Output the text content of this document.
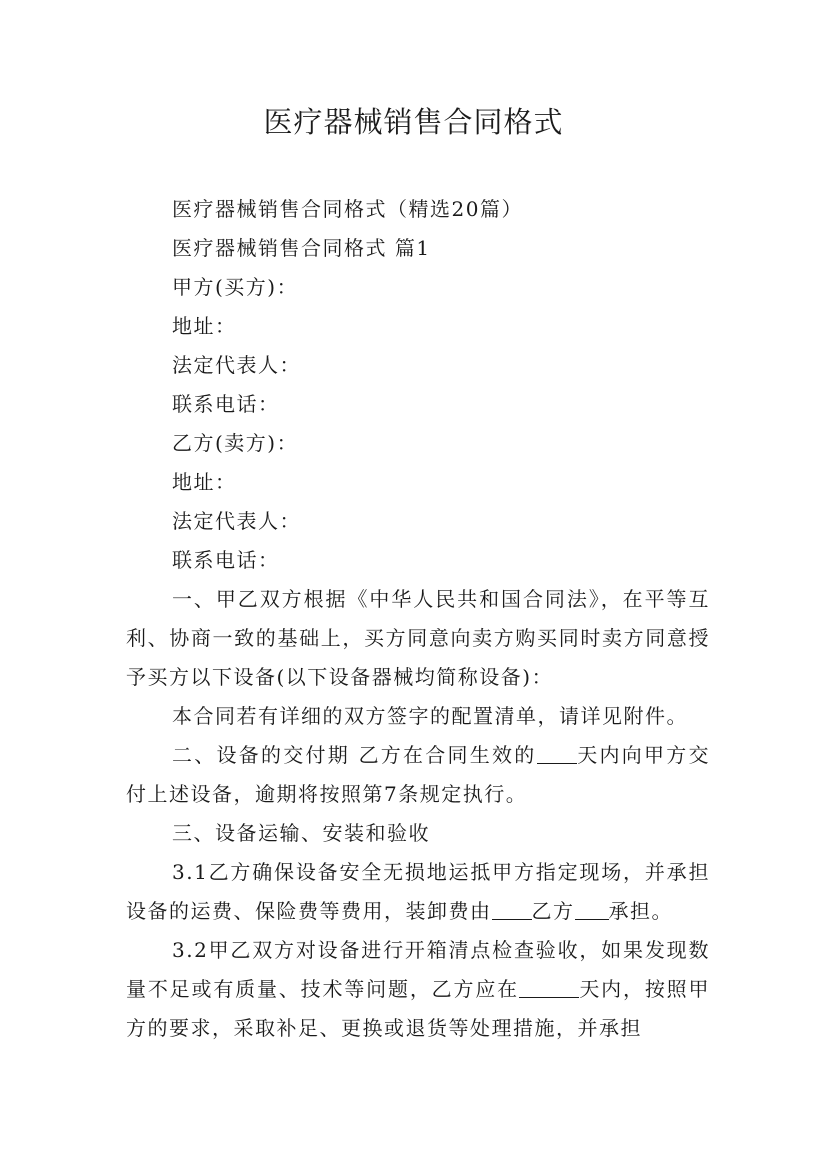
医疗器械销售合同格式

医疗器械销售合同格式（精选20篇）

医疗器械销售合同格式 篇1

甲方(买方)：

地址：

法定代表人：

联系电话：

乙方(卖方)：

地址：

法定代表人：

联系电话：

一、甲乙双方根据《中华人民共和国合同法》，在平等互利、协商一致的基础上，买方同意向卖方购买同时卖方同意授予买方以下设备(以下设备器械均简称设备)：

本合同若有详细的双方签字的配置清单，请详见附件。

二、设备的交付期 乙方在合同生效的 天内向甲方交付上述设备，逾期将按照第7条规定执行。

三、设备运输、安装和验收

3.1乙方确保设备安全无损地运抵甲方指定现场，并承担设备的运费、保险费等费用，装卸费由 乙方 承担。

3.2甲乙双方对设备进行开箱清点检查验收，如果发现数量不足或有质量、技术等问题，乙方应在	天内，按照甲方的要求，采取补足、更换或退货等处理措施，并承担
